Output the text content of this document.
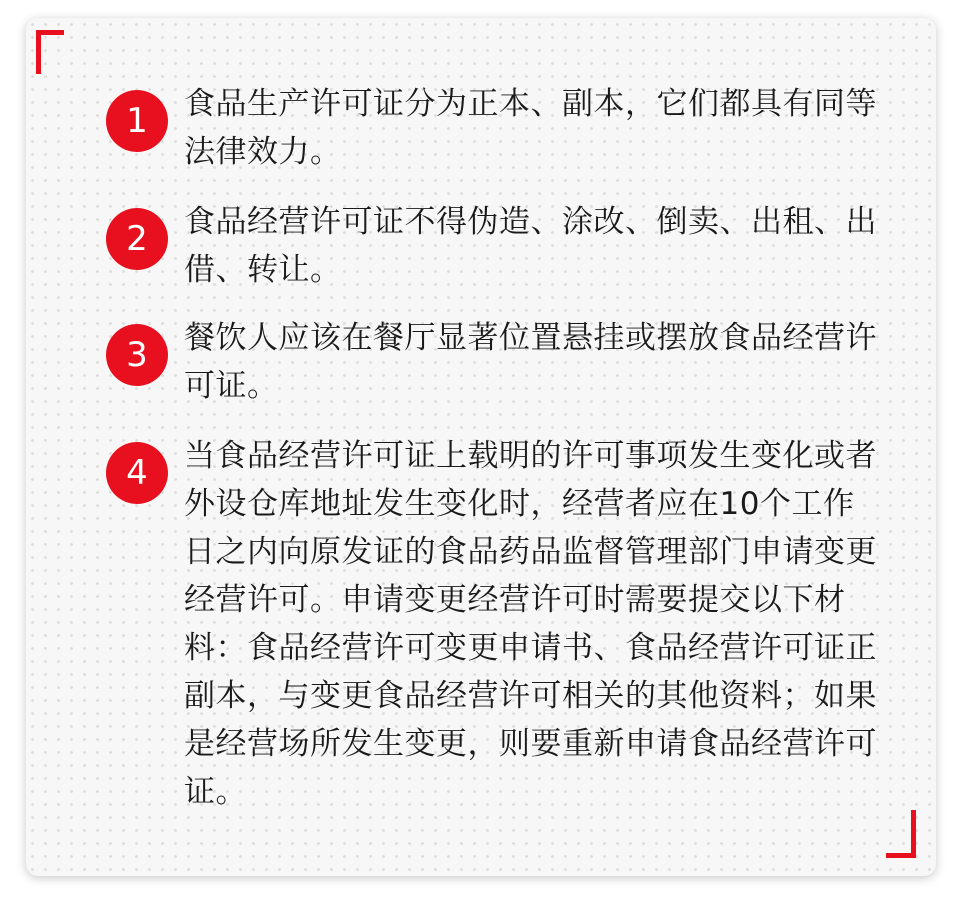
1	食品生产许可证分为正本、副本，它们都具有同等法律效力。
2	食品经营许可证不得伪造、涂改、倒卖、出租、出借、转让。
3	餐饮人应该在餐厅显著位置悬挂或摆放食品经营许可证。
4	当食品经营许可证上载明的许可事项发生变化或者外设仓库地址发生变化时，经营者应在10个工作日之内向原发证的食品药品监督管理部门申请变更经营许可。申请变更经营许可时需要提交以下材料：食品经营许可变更申请书、食品经营许可证正副本，与变更食品经营许可相关的其他资料；如果是经营场所发生变更，则要重新申请食品经营许可证。
